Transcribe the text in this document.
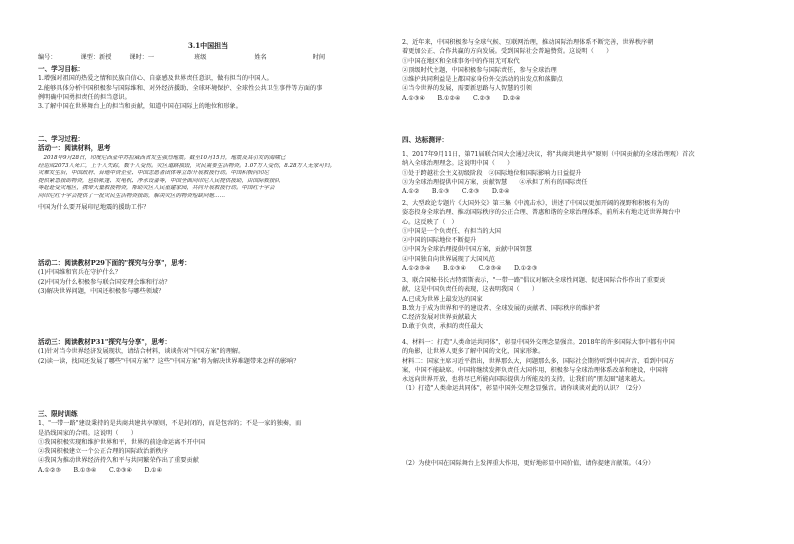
3.1中国担当
编号：	课型：新授	课时：一	班级	姓名	时间
一、学习目标：
1.增强对祖国的热爱之情和民族自信心、自豪感及世界责任意识，做有担当的中国人。
2.能够具体分析中国积极参与国际维和、对外经济援助、全球环境保护、全球性公共卫生事件等方面的事
例明确中国勇担责任的担当意识。
3.了解中国在世界舞台上的担当和贡献，知道中国在国际上的地位和形象。
二、学习过程：
活动一：阅读材料，思考
　2018年9月28日，印度尼西亚中苏拉威西省发生强烈地震。截至10月15日，地震及其引发的海啸已
经造成2073人死亡，上千人失踪，数千人受伤。灾区道路损毁，灾民需要生活物资。1.07万人受伤，8.28万人无家可归。
灾难发生后，中国政府、台地中资企业、中国志愿者团体等立即开展救援行动。中国积极向印尼
提供紧急援助物资，包括帐篷、发电机、净水设备等，中国全面向印尼人民提供援助，由国际救援队
等赶赴受灾地区，携带大量救援物资，帮助灾区人民重建家园，共同开展救援行动。中国红十字会
向印尼红十字会提供了一批灾民生活物资援助，解决灾区的物资短缺问题……
中国为什么要开展印尼地震的援助工作？
活动二：阅读教材P29下面的"探究与分享"，思考：
(1)中国维和官兵在守护什么？
(2)中国为什么积极参与联合国安理会维和行动？
(3)解决世界问题，中国还积极参与哪些领域？
活动三：阅读教材P31"探究与分享"，思考：
(1)针对当今世界经济发展现状，请结合材料，谈谈你对"中国方案"的理解。
(2)读一读，找国还发展了哪些"中国方案"？这些"中国方案"将为解决世界难题带来怎样的影响？
三、限时训练
1、"一带一路"建设秉持的是共商共建共享原则，不是封闭的，而是包容的；不是一家的独奏，而
是沿线国家的合唱。这说明（　　）
①我国积极实现和维护世界和平，世界的前途命运离不开中国
②我国积极建立一个公正合理的国际政治新秩序
④我国为推动世界经济持久和平与共同繁荣作出了重要贡献
A.①②③　　B.①③④　　C.②③④　　D.①④
2、近年来，中国积极参与全球气候、互联网治理，推动国际治理体系不断完善，世界秩序朝
着更加公正、合作共赢的方向发展。受到国际社会普遍赞赏。这说明（　　）
①中国在地区和全球事务中的作用无可取代
②顶级时代主题，中国积极参与国际责任，参与全球治理
③维护共同利益是上都国家身份外交活动的出发点和落脚点
④当今世界的发展，需要新思路与人智慧的引领
A.①③④　　B.①②④　　C.②③　　D.②④
四、达标测评：
1、2017年9月11日，第71届联合国大会通过决议，将"共商共建共享"原则（中国贡献的全球治理观）首次
纳入全球治理理念。这说明中国（　　）
①处于跨越社会主义初级阶段　②国际地位和国际影响力日益提升
③为全球治理提供中国方案，贡献智慧　　④承担了所有的国际责任
A.①②　　B.①③　　C.②③　　D.②④
2、大型政论专题片《大国外交》第三集《中流击水》，讲述了中国以更加开阔的视野和积极有为的
姿态投身全球治理、推动国际秩序的公正合理、普惠和谐的全球治理体系，前所未有地走近世界舞台中
心。这反映了（　）
①中国是一个负责任、有担当的大国
②中国的国际地位不断提升
③中国为全球治理提供中国方案，贡献中国智慧
④中国独自向世界展现了大国风范
A.①②③④　　B.①③④　　C.②③④　　D.①②③
3、联合国秘书长古特雷斯表示，"一带一路"倡议对解决全球性问题、促进国际合作作出了重要贡
献，这是中国负责任的表现，这表明我国（　　）
A.已成为世界上最发达的国家
B.致力于成为世界和平的建设者、全球发展的贡献者、国际秩序的维护者
C.经济发展对世界贡献最大
D.敢于负责，承担的责任最大
4、材料一：打造"人类命运共同体"，彰显中国外交理念显强音。2018年的许多国际大事中都有中国
的角影，让世界人更多了解中国的文化，国家形象。
材料二：国家主席习近平指出，世界那么大，问题那么多，国际社会期待听到中国声音、看到中国方
案，中国不能缺席。中国将继续发挥负责任大国作用，积极参与全球治理体系改革和建设，中国将
永远向世界开放，也将尽已所能向国际提供力所能及的支持，让我们的"朋友圈"越来越大。
（1）打造"人类命运共同体"，彰显中国外交理念显强音。请你谈谈对此的认识？（2分）
（2）为使中国在国际舞台上发挥重大作用，更好地彰显中国价值，请你提建言献策。（4分）
